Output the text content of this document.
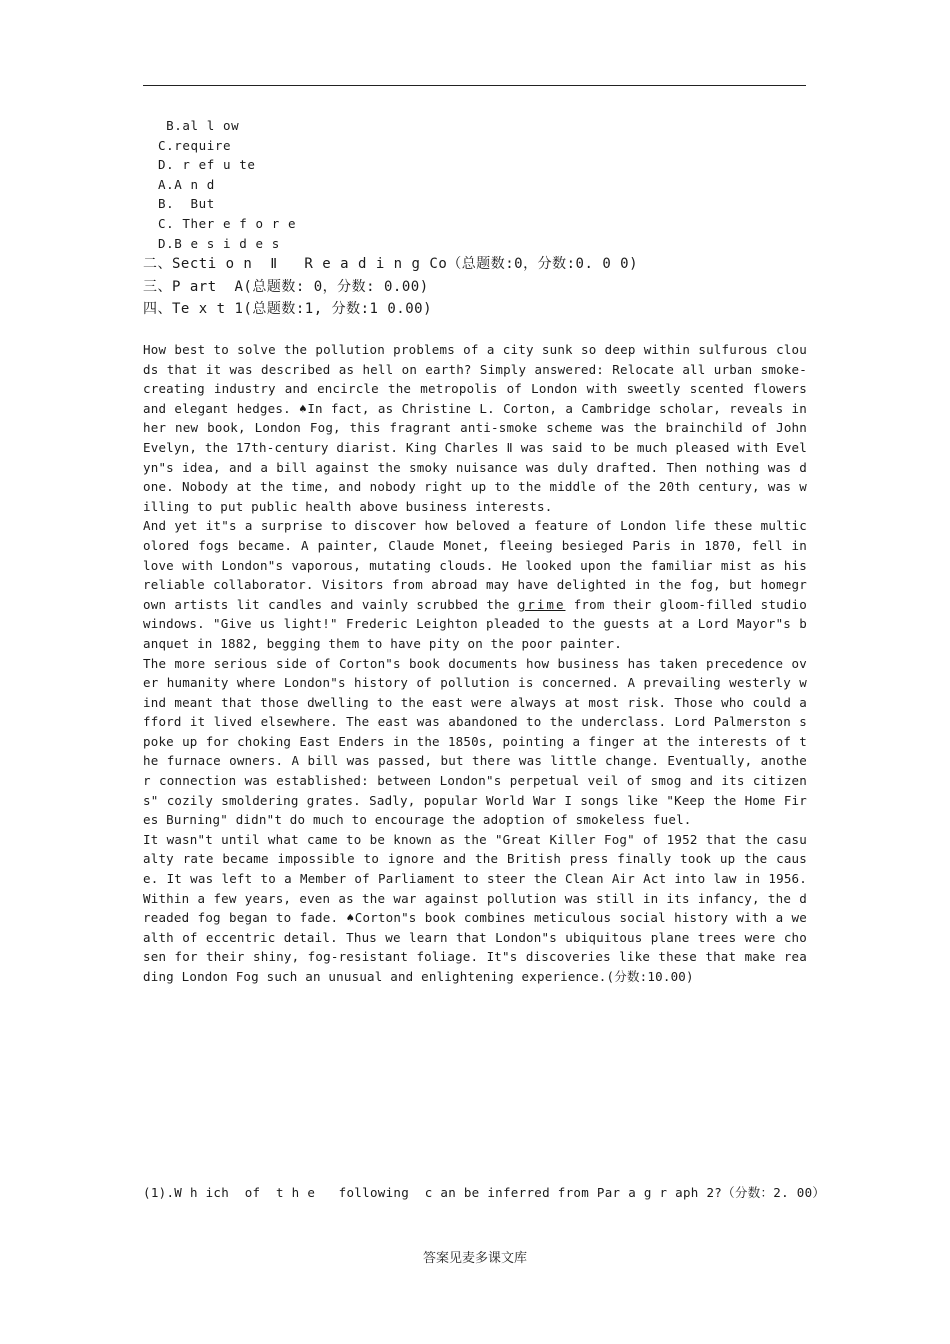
B.al l ow
C.require
D. r ef u te
A.A n d
B.  But
C. Ther e f o r e
D.B e s i d e s
二、Secti o n  Ⅱ   R e a d i n g Co（总题数:0，分数:0. 0 0)
三、P art  A(总题数: 0，分数: 0.00)
四、Te x t 1(总题数:1, 分数:1 0.00)

How best to solve the pollution problems of a city sunk so deep within sulfurous clouds that it was described as hell on earth? Simply answered: Relocate all urban smoke-creating industry and encircle the metropolis of London with sweetly scented flowers and elegant hedges. ♠In fact, as Christine L. Corton, a Cambridge scholar, reveals in her new book, London Fog, this fragrant anti-smoke scheme was the brainchild of John Evelyn, the 17th-century diarist. King Charles Ⅱ was said to be much pleased with Evelyn"s idea, and a bill against the smoky nuisance was duly drafted. Then nothing was done. Nobody at the time, and nobody right up to the middle of the 20th century, was willing to put public health above business interests.

And yet it"s a surprise to discover how beloved a feature of London life these multicolored fogs became. A painter, Claude Monet, fleeing besieged Paris in 1870, fell in love with London"s vaporous, mutating clouds. He looked upon the familiar mist as his reliable collaborator. Visitors from abroad may have delighted in the fog, but homegrown artists lit candles and vainly scrubbed the grime from their gloom-filled studio windows. "Give us light!" Frederic Leighton pleaded to the guests at a Lord Mayor"s banquet in 1882, begging them to have pity on the poor painter.

The more serious side of Corton"s book documents how business has taken precedence over humanity where London"s history of pollution is concerned. A prevailing westerly wind meant that those dwelling to the east were always at most risk. Those who could afford it lived elsewhere. The east was abandoned to the underclass. Lord Palmerston spoke up for choking East Enders in the 1850s, pointing a finger at the interests of the furnace owners. A bill was passed, but there was little change. Eventually, another connection was established: between London"s perpetual veil of smog and its citizens" cozily smoldering grates. Sadly, popular World War I songs like "Keep the Home Fires Burning" didn"t do much to encourage the adoption of smokeless fuel.

It wasn"t until what came to be known as the "Great Killer Fog" of 1952 that the casualty rate became impossible to ignore and the British press finally took up the cause. It was left to a Member of Parliament to steer the Clean Air Act into law in 1956. Within a few years, even as the war against pollution was still in its infancy, the dreaded fog began to fade. ♠Corton"s book combines meticulous social history with a wealth of eccentric detail. Thus we learn that London"s ubiquitous plane trees were chosen for their shiny, fog-resistant foliage. It"s discoveries like these that make reading London Fog such an unusual and enlightening experience.(分数:10.00)

(1).W h ich  of  t h e   following  c an be inferred from Par a g r aph 2?（分数：2. 00）
答案见麦多课文库
